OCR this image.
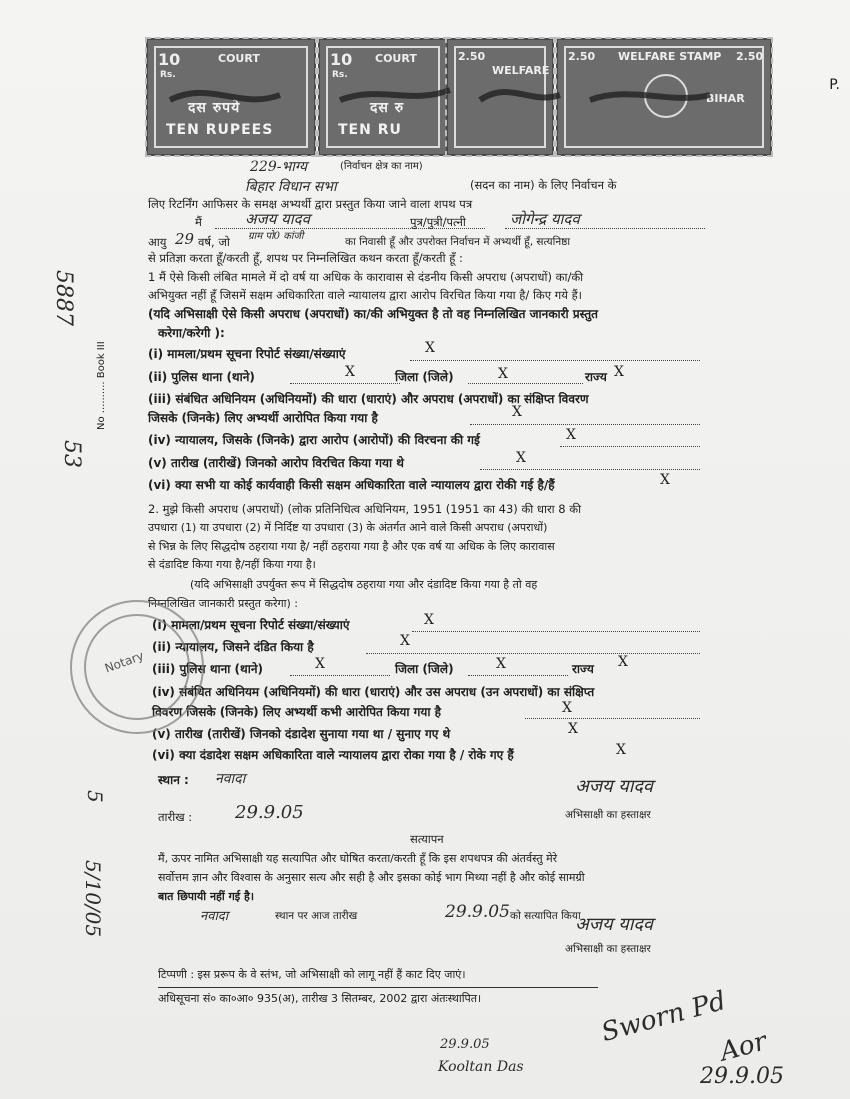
10
Rs.
COURT
दस रुपये
TEN RUPEES
10
Rs.
COURT
दस रु
TEN RU
2.50
WELFARE
2.50	2.50
WELFARE STAMP
BIHAR
P.
229-भाग्य	(निर्वाचन क्षेत्र का नाम)
बिहार विधान सभा	(सदन का नाम) के लिए निर्वाचन के
लिए रिटर्निंग आफिसर के समक्ष अभ्यर्थी द्वारा प्रस्तुत किया जाने वाला शपथ पत्र
मैं	अजय यादव	पुत्र/पुत्री/पत्नी	जोगेन्द्र यादव
आयु 29 वर्ष, जो ग्राम पो0 कांजी	का निवासी हूँ और उपरोक्त निर्वाचन में अभ्यर्थी हूँ, सत्यनिष्ठा
से प्रतिज्ञा करता हूँ/करती हूँ, शपथ पर निम्नलिखित कथन करता हूँ/करती हूँ :
1 मैं ऐसे किसी लंबित मामले में दो वर्ष या अधिक के कारावास से दंडनीय किसी अपराध (अपराधों) का/की
अभियुक्त नहीं हूँ जिसमें सक्षम अधिकारिता वाले न्यायालय द्वारा आरोप विरचित किया गया है/ किए गये हैं।
(यदि अभिसाक्षी ऐसे किसी अपराध (अपराधों) का/की अभियुक्त है तो वह निम्नलिखित जानकारी प्रस्तुत
करेगा/करेगी ):
(i) मामला/प्रथम सूचना रिपोर्ट संख्या/संख्याएं	X
(ii) पुलिस थाना (थाने)	X	जिला (जिले)	X	राज्य X
(iii) संबंधित अधिनियम (अधिनियमों) की धारा (धाराएं) और अपराध (अपराधों) का संक्षिप्त विवरण
जिसके (जिनके) लिए अभ्यर्थी आरोपित किया गया है	X
(iv) न्यायालय, जिसके (जिनके) द्वारा आरोप (आरोपों) की विरचना की गई	X
(v) तारीख (तारीखें) जिनको आरोप विरचित किया गया थे	X
(vi) क्या सभी या कोई कार्यवाही किसी सक्षम अधिकारिता वाले न्यायालय द्वारा रोकी गई है/हैं	X
2. मुझे किसी अपराध (अपराधों) (लोक प्रतिनिधित्व अधिनियम, 1951 (1951 का 43) की धारा 8 की
उपधारा (1) या उपधारा (2) में निर्दिष्ट या उपधारा (3) के अंतर्गत आने वाले किसी अपराध (अपराधों)
से भिन्न के लिए सिद्धदोष ठहराया गया है/ नहीं ठहराया गया है और एक वर्ष या अधिक के लिए कारावास
से दंडादिष्ट किया गया है/नहीं किया गया है।
(यदि अभिसाक्षी उपर्युक्त रूप में सिद्धदोष ठहराया गया और दंडादिष्ट किया गया है तो वह
निम्नलिखित जानकारी प्रस्तुत करेगा) :
(i) मामला/प्रथम सूचना रिपोर्ट संख्या/संख्याएं	X
(ii) न्यायालय, जिसने दंडित किया है	X
(iii) पुलिस थाना (थाने)	X	जिला (जिले)	X	राज्य X
(iv) संबंधित अधिनियम (अधिनियमों) की धारा (धाराएं) और उस अपराध (उन अपराधों) का संक्षिप्त
विवरण जिसके (जिनके) लिए अभ्यर्थी कभी आरोपित किया गया है	X
(v) तारीख (तारीखें) जिनको दंडादेश सुनाया गया था / सुनाए गए थे	X
(vi) क्या दंडादेश सक्षम अधिकारिता वाले न्यायालय द्वारा रोका गया है / रोके गए हैं	X
स्थान : नवादा
तारीख : 29.9.05
अजय यादव
अभिसाक्षी का हस्ताक्षर
सत्यापन
मैं, ऊपर नामित अभिसाक्षी यह सत्यापित और घोषित करता/करती हूँ कि इस शपथपत्र की अंतर्वस्तु मेरे
सर्वोत्तम ज्ञान और विश्वास के अनुसार सत्य और सही है और इसका कोई भाग मिथ्या नहीं है और कोई सामग्री
बात छिपायी नहीं गई है।
नवादा	स्थान पर आज तारीख	29.9.05 को सत्यापित किया
अजय यादव
अभिसाक्षी का हस्ताक्षर
टिप्पणी : इस प्ररूप के वे स्तंभ, जो अभिसाक्षी को लागू नहीं हैं काट दिए जाएं।
अधिसूचना सं० का०आ० 935(अ), तारीख 3 सितम्बर, 2002 द्वारा अंतःस्थापित।
Notary
5887
No .......... Book III
53
5
5/10/05
29.9.05
Kooltan Das
Sworn Pd
Aor
29.9.05
